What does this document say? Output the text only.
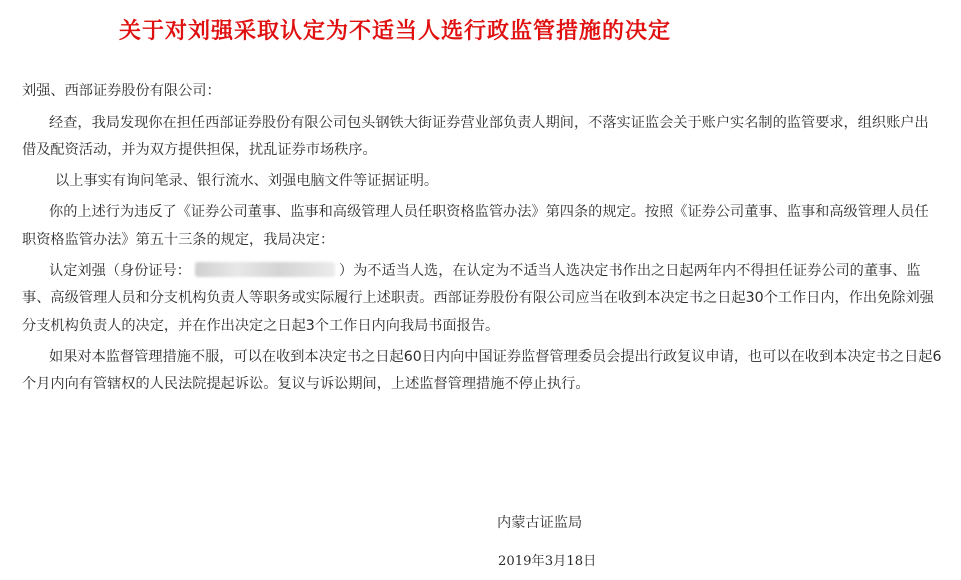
关于对刘强采取认定为不适当人选行政监管措施的决定

刘强、西部证券股份有限公司：

经查，我局发现你在担任西部证券股份有限公司包头钢铁大街证券营业部负责人期间，不落实证监会关于账户实名制的监管要求，组织账户出借及配资活动，并为双方提供担保，扰乱证券市场秩序。

以上事实有询问笔录、银行流水、刘强电脑文件等证据证明。

你的上述行为违反了《证券公司董事、监事和高级管理人员任职资格监管办法》第四条的规定。按照《证券公司董事、监事和高级管理人员任职资格监管办法》第五十三条的规定，我局决定：

认定刘强（身份证号：	）为不适当人选，在认定为不适当人选决定书作出之日起两年内不得担任证券公司的董事、监事、高级管理人员和分支机构负责人等职务或实际履行上述职责。西部证券股份有限公司应当在收到本决定书之日起30个工作日内，作出免除刘强分支机构负责人的决定，并在作出决定之日起3个工作日内向我局书面报告。

如果对本监督管理措施不服，可以在收到本决定书之日起60日内向中国证券监督管理委员会提出行政复议申请，也可以在收到本决定书之日起6个月内向有管辖权的人民法院提起诉讼。复议与诉讼期间，上述监督管理措施不停止执行。

内蒙古证监局
2019年3月18日
